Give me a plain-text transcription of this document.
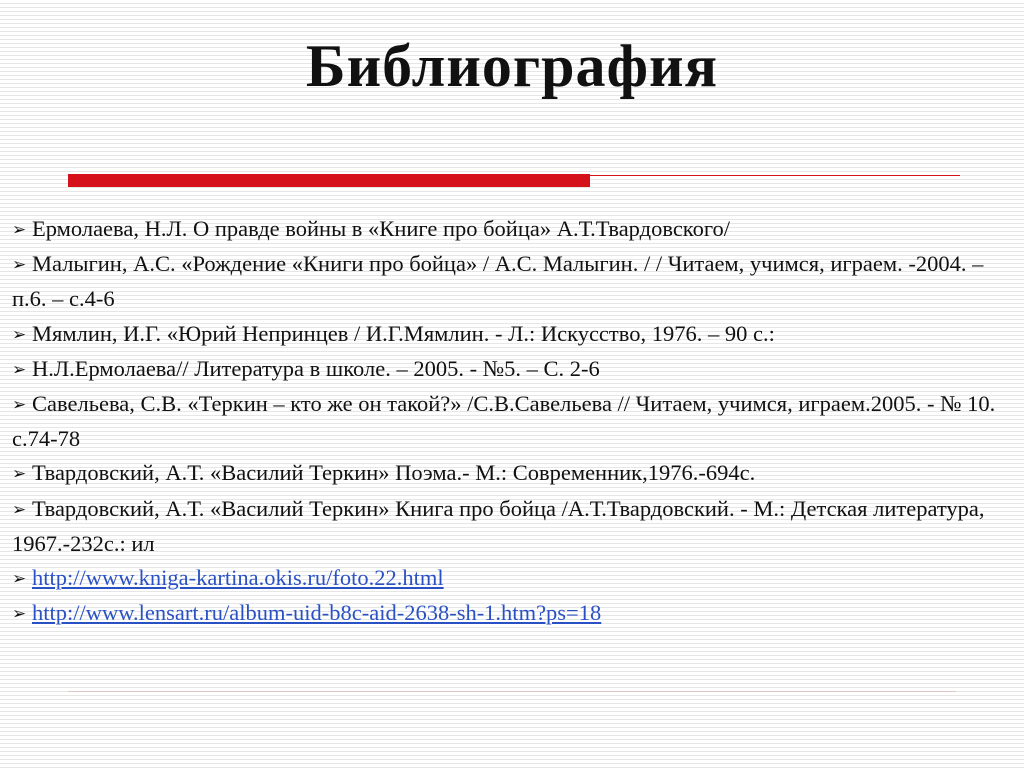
Библиография
➢ Ермолаева, Н.Л. О правде войны в «Книге про бойца» А.Т.Твардовского/
➢ Малыгин, А.С. «Рождение «Книги про бойца» / А.С. Малыгин. / / Читаем, учимся, играем. -2004. – п.6. – с.4-6
➢ Мямлин, И.Г. «Юрий Непринцев / И.Г.Мямлин. - Л.: Искусство, 1976. – 90 с.:
➢ Н.Л.Ермолаева// Литература в школе. – 2005. - №5. – С. 2-6
➢ Савельева, С.В. «Теркин – кто же он такой?» /С.В.Савельева // Читаем, учимся, играем.2005. - № 10. с.74-78
➢ Твардовский, А.Т. «Василий Теркин» Поэма.- М.: Современник,1976.-694с.
➢ Твардовский, А.Т. «Василий Теркин» Книга про бойца /А.Т.Твардовский. - М.: Детская литература, 1967.-232с.: ил
➢ http://www.kniga-kartina.okis.ru/foto.22.html
➢ http://www.lensart.ru/album-uid-b8c-aid-2638-sh-1.htm?ps=18
